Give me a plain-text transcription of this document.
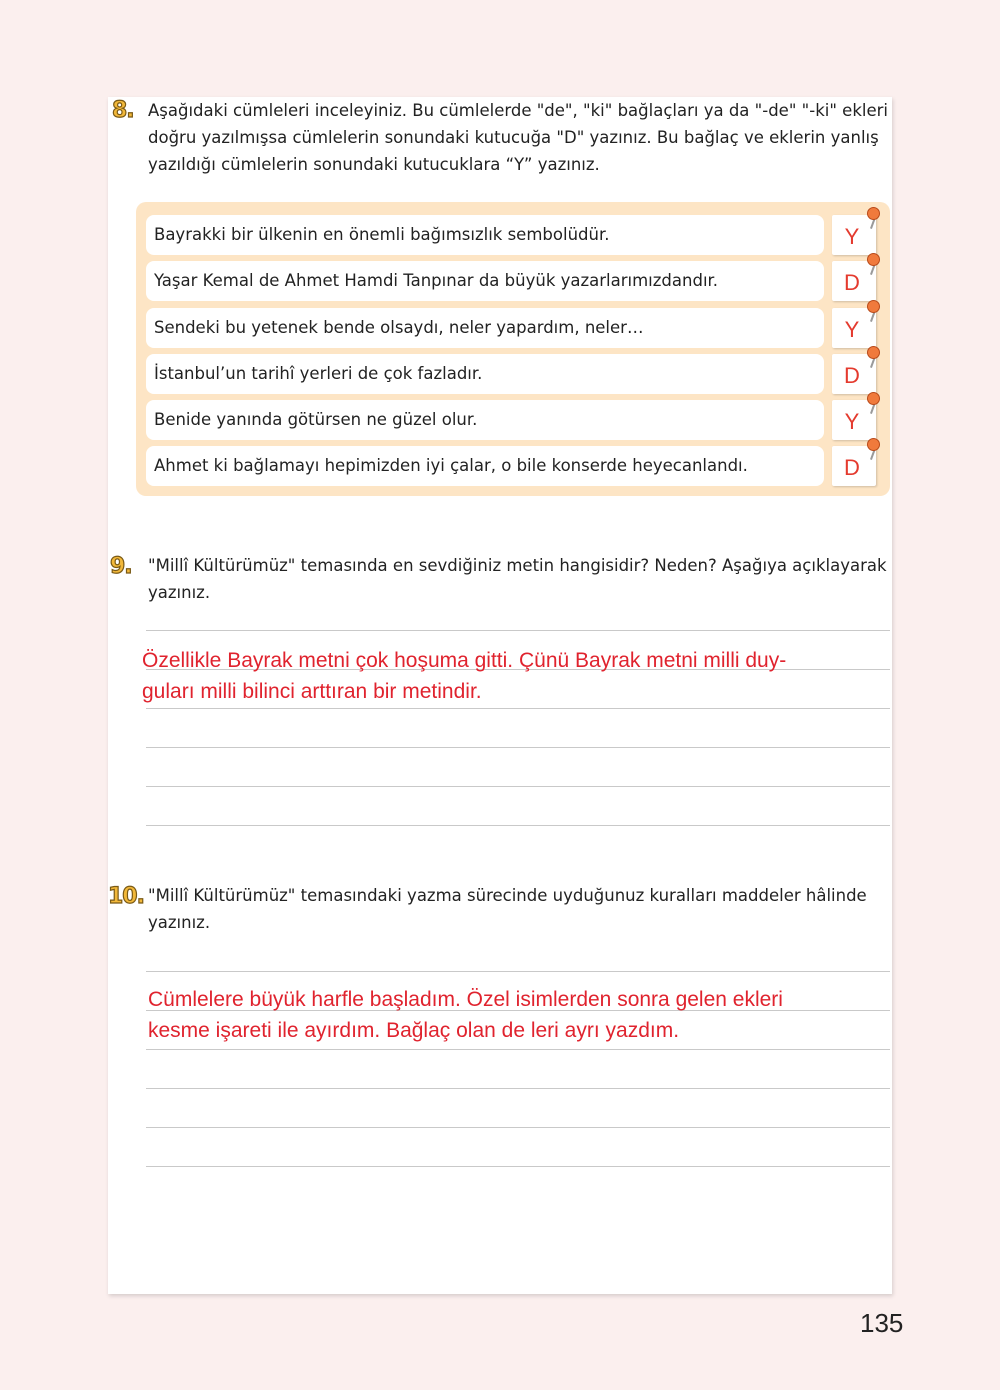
8. Aşağıdaki cümleleri inceleyiniz. Bu cümlelerde "de", "ki" bağlaçları ya da "-de" "-ki" ekleri
doğru yazılmışsa cümlelerin sonundaki kutucuğa "D" yazınız. Bu bağlaç ve eklerin yanlış
yazıldığı cümlelerin sonundaki kutucuklara “Y” yazınız.
Bayrakki bir ülkenin en önemli bağımsızlık sembolüdür.	Y
Yaşar Kemal de Ahmet Hamdi Tanpınar da büyük yazarlarımızdandır.	D
Sendeki bu yetenek bende olsaydı, neler yapardım, neler…	Y
İstanbul’un tarihî yerleri de çok fazladır.	D
Benide yanında götürsen ne güzel olur.	Y
Ahmet ki bağlamayı hepimizden iyi çalar, o bile konserde heyecanlandı.	D
9. "Millî Kültürümüz" temasında en sevdiğiniz metin hangisidir? Neden? Aşağıya açıklayarak
yazınız.
Özellikle Bayrak metni çok hoşuma gitti. Çünü Bayrak metni milli duy-
guları milli bilinci arttıran bir metindir.
10. "Millî Kültürümüz" temasındaki yazma sürecinde uyduğunuz kuralları maddeler hâlinde
yazınız.
Cümlelere büyük harfle başladım. Özel isimlerden sonra gelen ekleri
kesme işareti ile ayırdım. Bağlaç olan de leri ayrı yazdım.
135
